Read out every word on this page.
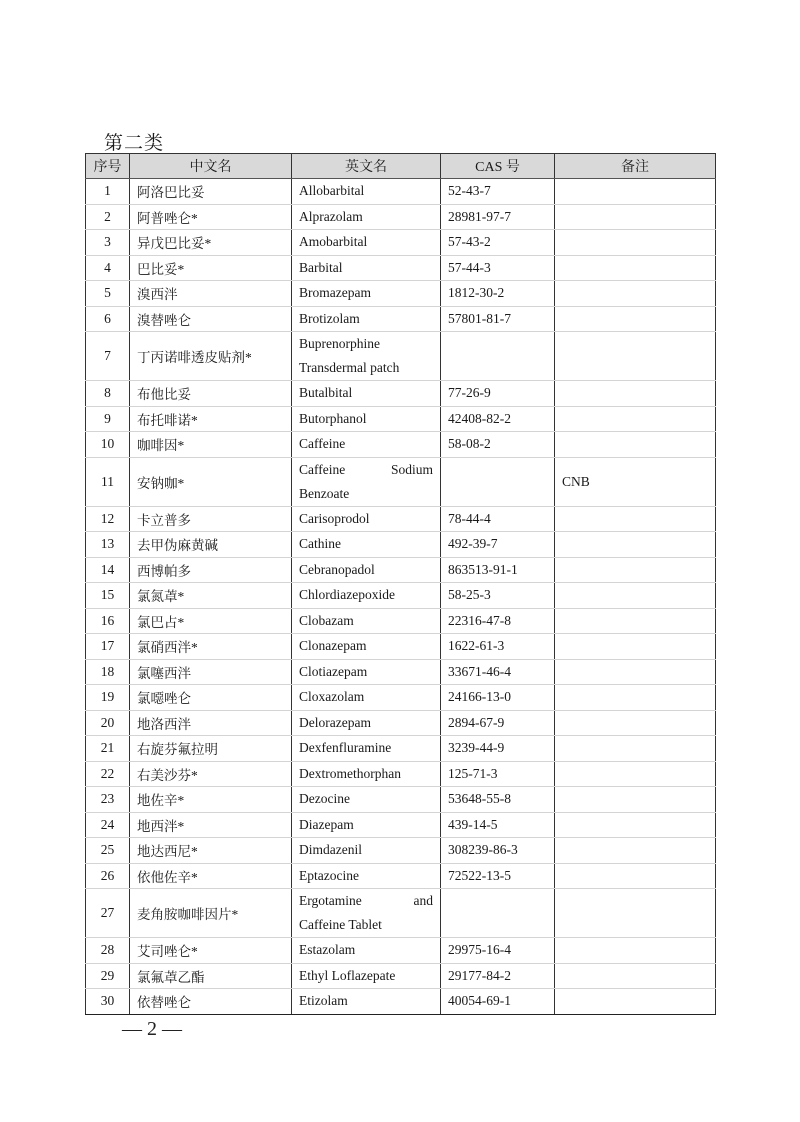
第二类
序号	中文名	英文名	CAS 号	备注
1	阿洛巴比妥	Allobarbital	52-43-7	
2	阿普唑仑*	Alprazolam	28981-97-7	
3	异戊巴比妥*	Amobarbital	57-43-2	
4	巴比妥*	Barbital	57-44-3	
5	溴西泮	Bromazepam	1812-30-2	
6	溴替唑仑	Brotizolam	57801-81-7	
7	丁丙诺啡透皮贴剂*	Buprenorphine
Transdermal patch		

8	布他比妥	Butalbital	77-26-9	
9	布托啡诺*	Butorphanol	42408-82-2	
10	咖啡因*	Caffeine	58-08-2	
11	安钠咖*	Caffeine Sodium
Benzoate		CNB
12	卡立普多	Carisoprodol	78-44-4	
13	去甲伪麻黄碱	Cathine	492-39-7	
14	西博帕多	Cebranopadol	863513-91-1	
15	氯氮䓬*	Chlordiazepoxide	58-25-3	
16	氯巴占*	Clobazam	22316-47-8	
17	氯硝西泮*	Clonazepam	1622-61-3	
18	氯噻西泮	Clotiazepam	33671-46-4	
19	氯噁唑仑	Cloxazolam	24166-13-0	
20	地洛西泮	Delorazepam	2894-67-9	
21	右旋芬氟拉明	Dexfenfluramine	3239-44-9	
22	右美沙芬*	Dextromethorphan	125-71-3	
23	地佐辛*	Dezocine	53648-55-8	
24	地西泮*	Diazepam	439-14-5	
25	地达西尼*	Dimdazenil	308239-86-3	
26	依他佐辛*	Eptazocine	72522-13-5	
27	麦角胺咖啡因片*	Ergotamine and
Caffeine Tablet		

28	艾司唑仑*	Estazolam	29975-16-4	
29	氯氟䓬乙酯	Ethyl Loflazepate	29177-84-2	
30	依替唑仑	Etizolam	40054-69-1	
— 2 —
